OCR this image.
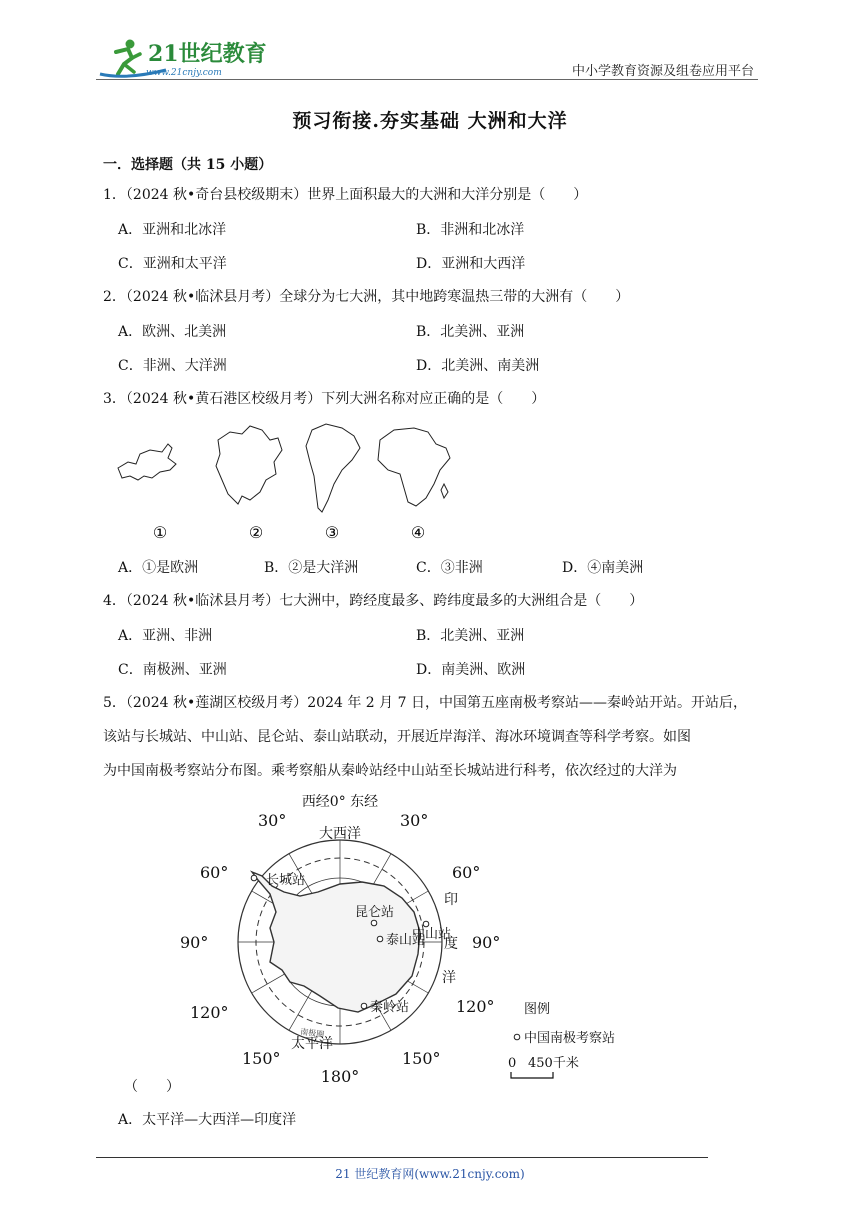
21世纪教育
www.21cnjy.com	中小学教育资源及组卷应用平台
预习衔接.夯实基础 大洲和大洋
一．选择题（共 15 小题）
1．（2024 秋•奇台县校级期末）世界上面积最大的大洲和大洋分别是（　　）
A．亚洲和北冰洋	B．非洲和北冰洋
C．亚洲和太平洋	D．亚洲和大西洋
2．（2024 秋•临沭县月考）全球分为七大洲，其中地跨寒温热三带的大洲有（　　）
A．欧洲、北美洲	B．北美洲、亚洲
C．非洲、大洋洲	D．北美洲、南美洲
3．（2024 秋•黄石港区校级月考）下列大洲名称对应正确的是（　　）
①	②	③	④
A．①是欧洲	B．②是大洋洲	C．③非洲	D．④南美洲
4．（2024 秋•临沭县月考）七大洲中，跨经度最多、跨纬度最多的大洲组合是（　　）
A．亚洲、非洲	B．北美洲、亚洲
C．南极洲、亚洲	D．南美洲、欧洲
5．（2024 秋•莲湖区校级月考）2024 年 2 月 7 日，中国第五座南极考察站——秦岭站开站。开站后，
该站与长城站、中山站、昆仑站、泰山站联动，开展近岸海洋、海冰环境调查等科学考察。如图
为中国南极考察站分布图。乘考察船从秦岭站经中山站至长城站进行科考，依次经过的大洋为
长城站
昆仑站
中山站
泰山站
秦岭站
南极圈
大西洋
太平洋
印
度
洋
西经0° 东经
30°	30°
60°	60°
90°	90°
120°	120°
150°	150°
180°
图例
中国南极考察站
0 450千米
（　　）
A．太平洋—大西洋—印度洋
21 世纪教育网(www.21cnjy.com)
